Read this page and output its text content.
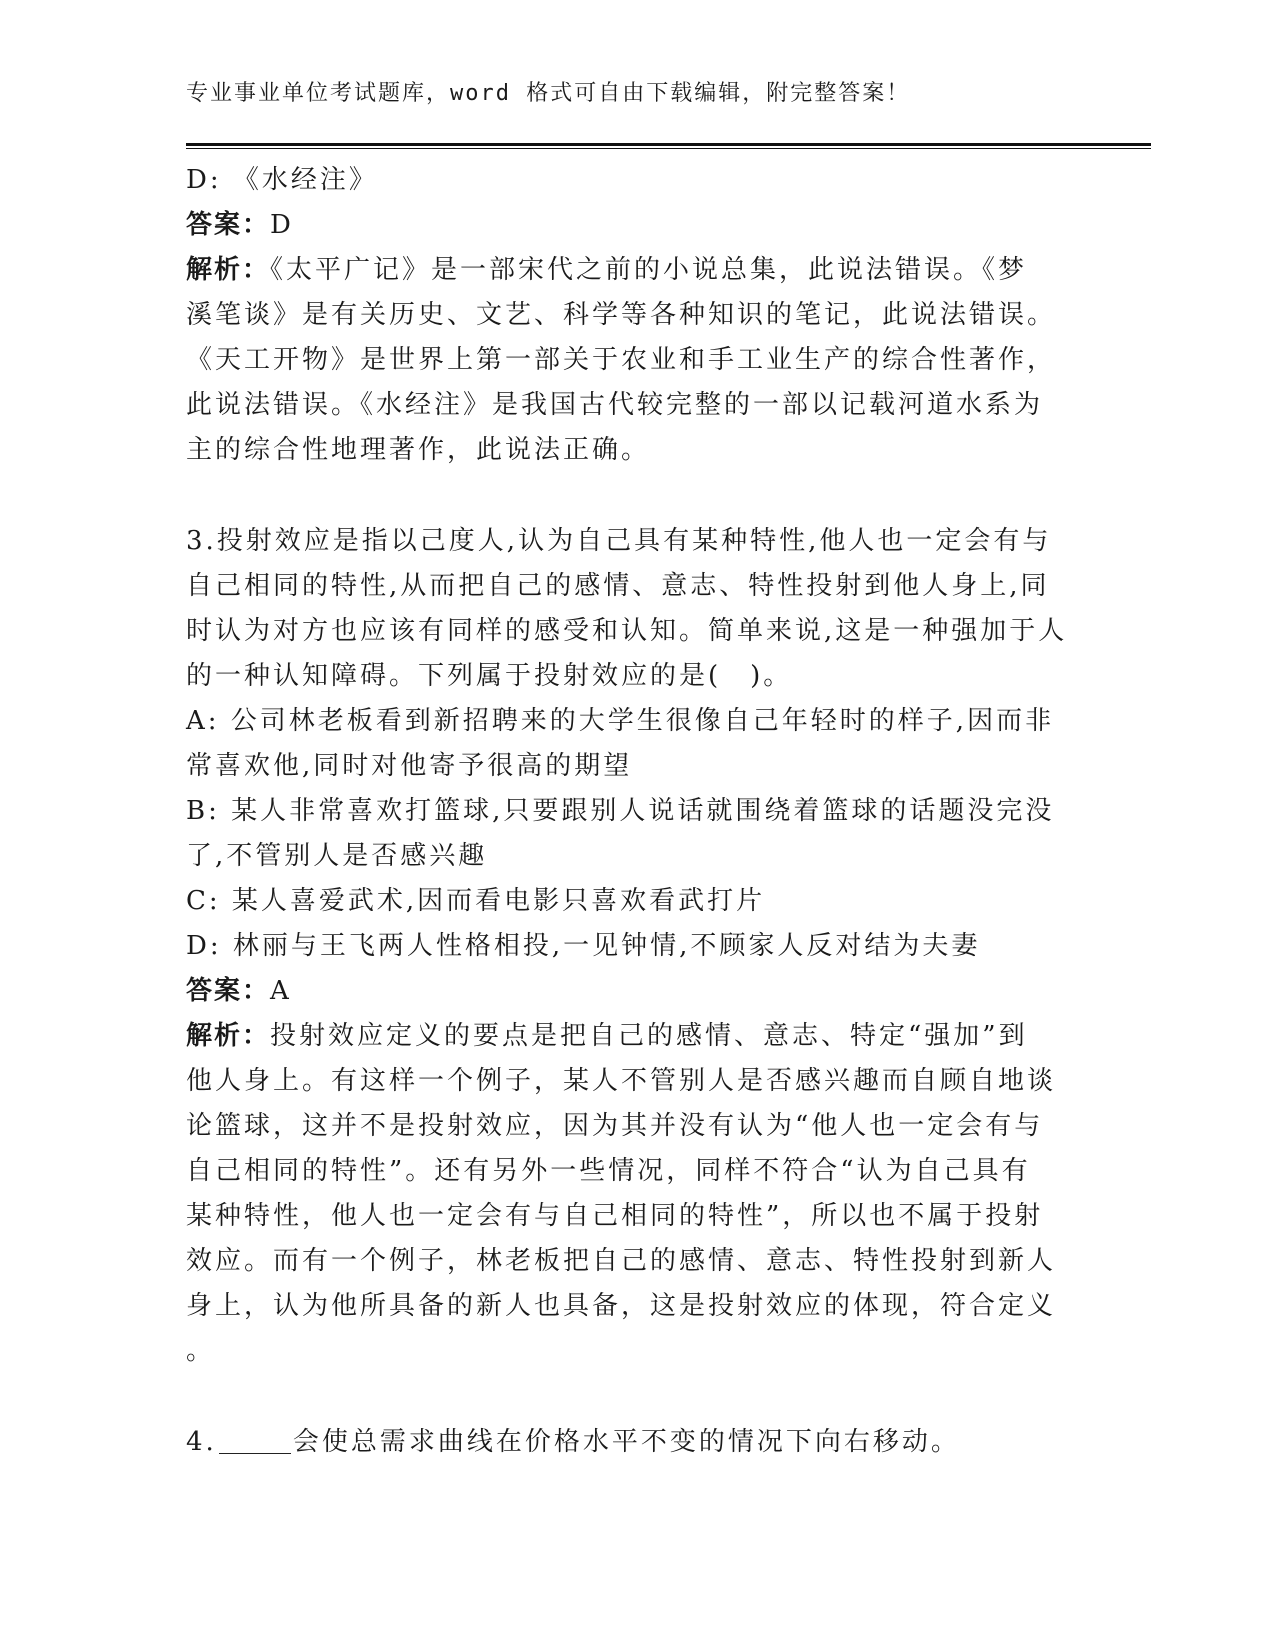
专业事业单位考试题库，word 格式可自由下载编辑，附完整答案！
D: 《水经注》
答案：D
解析：《太平广记》是一部宋代之前的小说总集，此说法错误。《梦
溪笔谈》是有关历史、文艺、科学等各种知识的笔记，此说法错误。
《天工开物》是世界上第一部关于农业和手工业生产的综合性著作，
此说法错误。《水经注》是我国古代较完整的一部以记载河道水系为
主的综合性地理著作，此说法正确。
3.投射效应是指以己度人,认为自己具有某种特性,他人也一定会有与
自己相同的特性,从而把自己的感情、意志、特性投射到他人身上,同
时认为对方也应该有同样的感受和认知。简单来说,这是一种强加于人
的一种认知障碍。下列属于投射效应的是(　)。
A: 公司林老板看到新招聘来的大学生很像自己年轻时的样子,因而非
常喜欢他,同时对他寄予很高的期望
B: 某人非常喜欢打篮球,只要跟别人说话就围绕着篮球的话题没完没
了,不管别人是否感兴趣
C: 某人喜爱武术,因而看电影只喜欢看武打片
D: 林丽与王飞两人性格相投,一见钟情,不顾家人反对结为夫妻
答案：A
解析：投射效应定义的要点是把自己的感情、意志、特定“强加”到
他人身上。有这样一个例子，某人不管别人是否感兴趣而自顾自地谈
论篮球，这并不是投射效应，因为其并没有认为“他人也一定会有与
自己相同的特性”。还有另外一些情况，同样不符合“认为自己具有
某种特性，他人也一定会有与自己相同的特性”，所以也不属于投射
效应。而有一个例子，林老板把自己的感情、意志、特性投射到新人
身上，认为他所具备的新人也具备，这是投射效应的体现，符合定义
。
4.	会使总需求曲线在价格水平不变的情况下向右移动。
